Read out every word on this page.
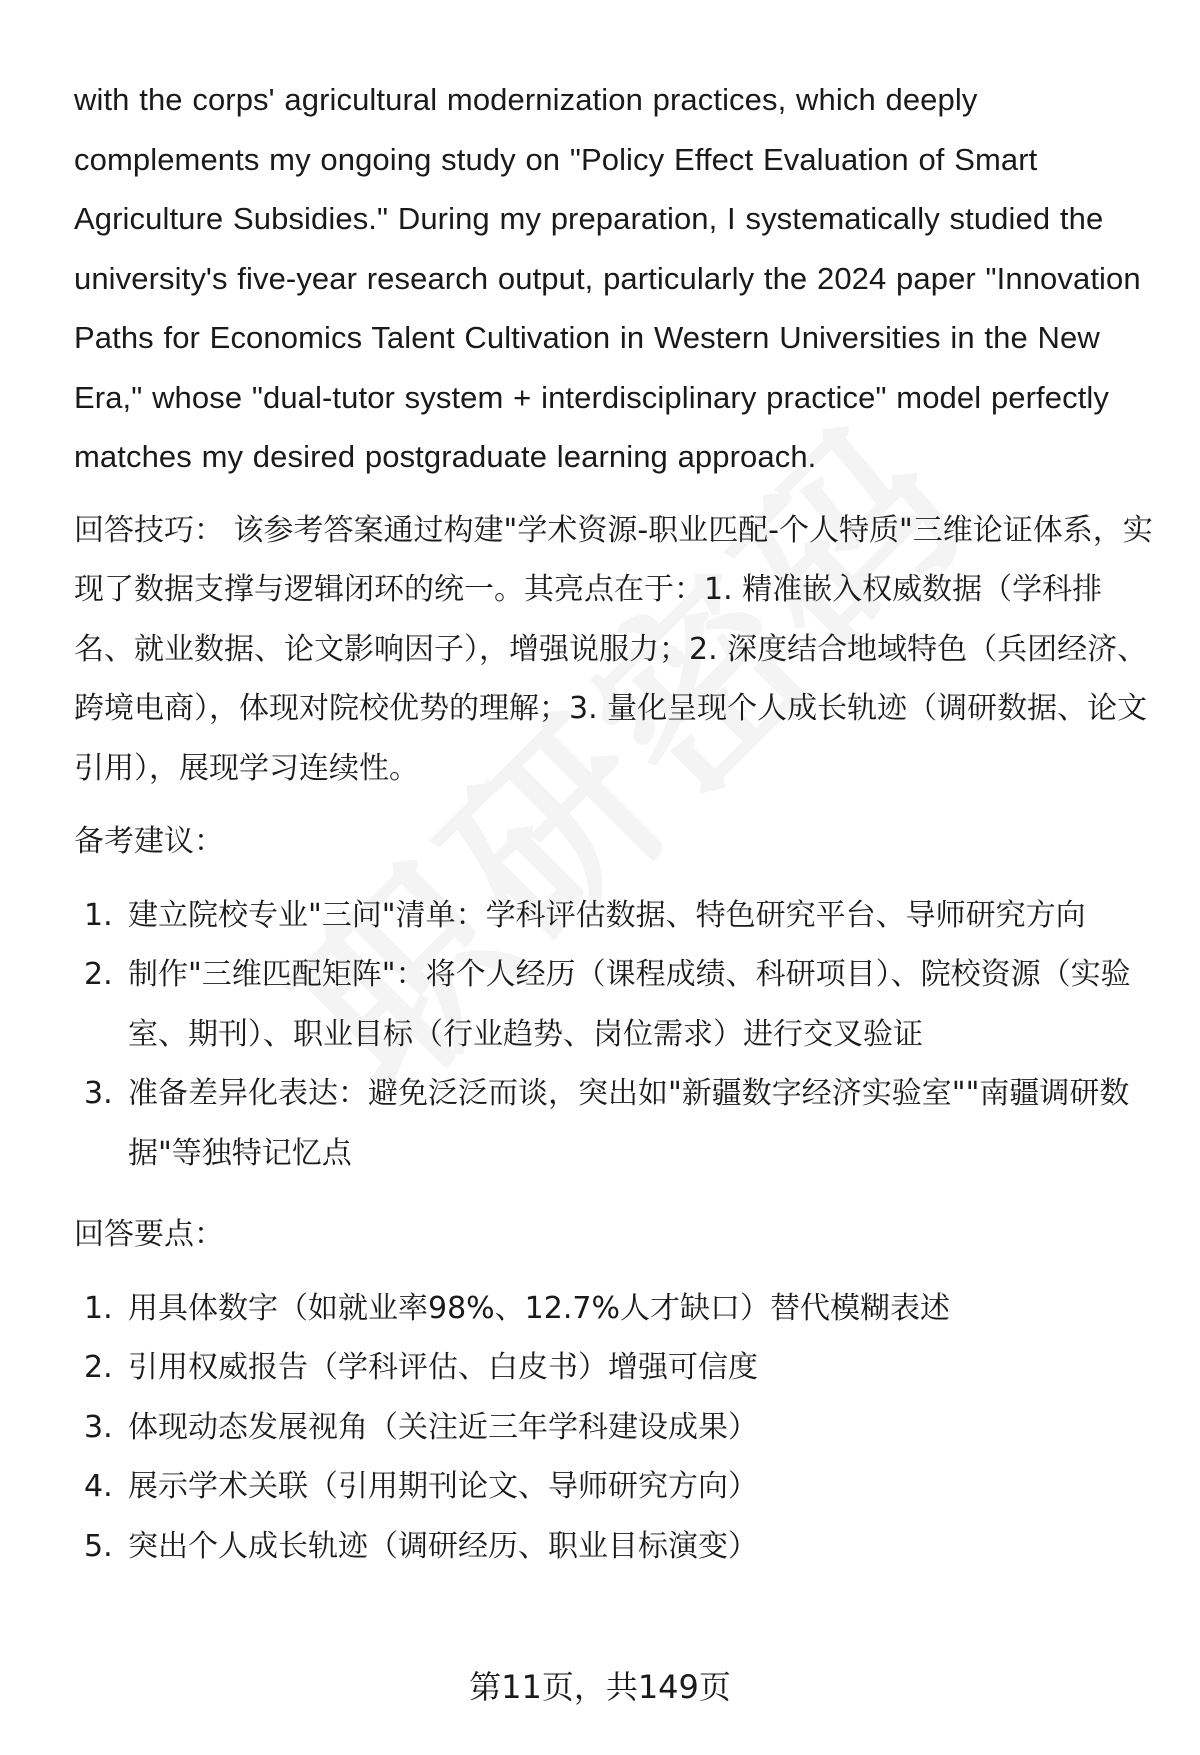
with the corps' agricultural modernization practices, which deeply complements my ongoing study on "Policy Effect Evaluation of Smart Agriculture Subsidies." During my preparation, I systematically studied the university's five-year research output, particularly the 2024 paper "Innovation Paths for Economics Talent Cultivation in Western Universities in the New Era," whose "dual-tutor system + interdisciplinary practice" model perfectly matches my desired postgraduate learning approach.

回答技巧： 该参考答案通过构建"学术资源-职业匹配-个人特质"三维论证体系，实现了数据支撑与逻辑闭环的统一。其亮点在于：1. 精准嵌入权威数据（学科排名、就业数据、论文影响因子），增强说服力；2. 深度结合地域特色（兵团经济、跨境电商），体现对院校优势的理解；3. 量化呈现个人成长轨迹（调研数据、论文引用），展现学习连续性。

备考建议：

1. 建立院校专业"三问"清单：学科评估数据、特色研究平台、导师研究方向
2. 制作"三维匹配矩阵"：将个人经历（课程成绩、科研项目）、院校资源（实验室、期刊）、职业目标（行业趋势、岗位需求）进行交叉验证
3. 准备差异化表达：避免泛泛而谈，突出如"新疆数字经济实验室""南疆调研数据"等独特记忆点

回答要点：

1. 用具体数字（如就业率98%、12.7%人才缺口）替代模糊表述
2. 引用权威报告（学科评估、白皮书）增强可信度
3. 体现动态发展视角（关注近三年学科建设成果）
4. 展示学术关联（引用期刊论文、导师研究方向）
5. 突出个人成长轨迹（调研经历、职业目标演变）
第11页，共149页
